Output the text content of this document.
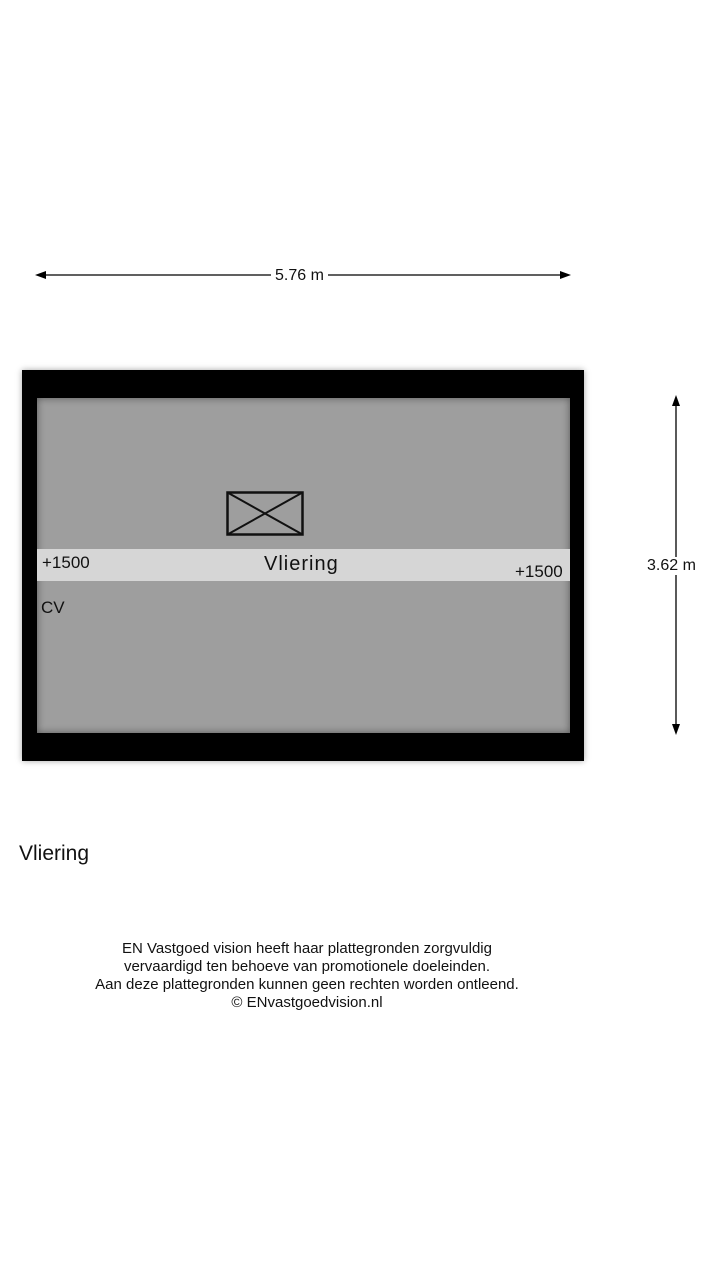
5.76 m
3.62 m
Vliering
+1500	+1500
CV
Vliering
EN Vastgoed vision heeft haar plattegronden zorgvuldig
vervaardigd ten behoeve van promotionele doeleinden.
Aan deze plattegronden kunnen geen rechten worden ontleend.
© ENvastgoedvision.nl
